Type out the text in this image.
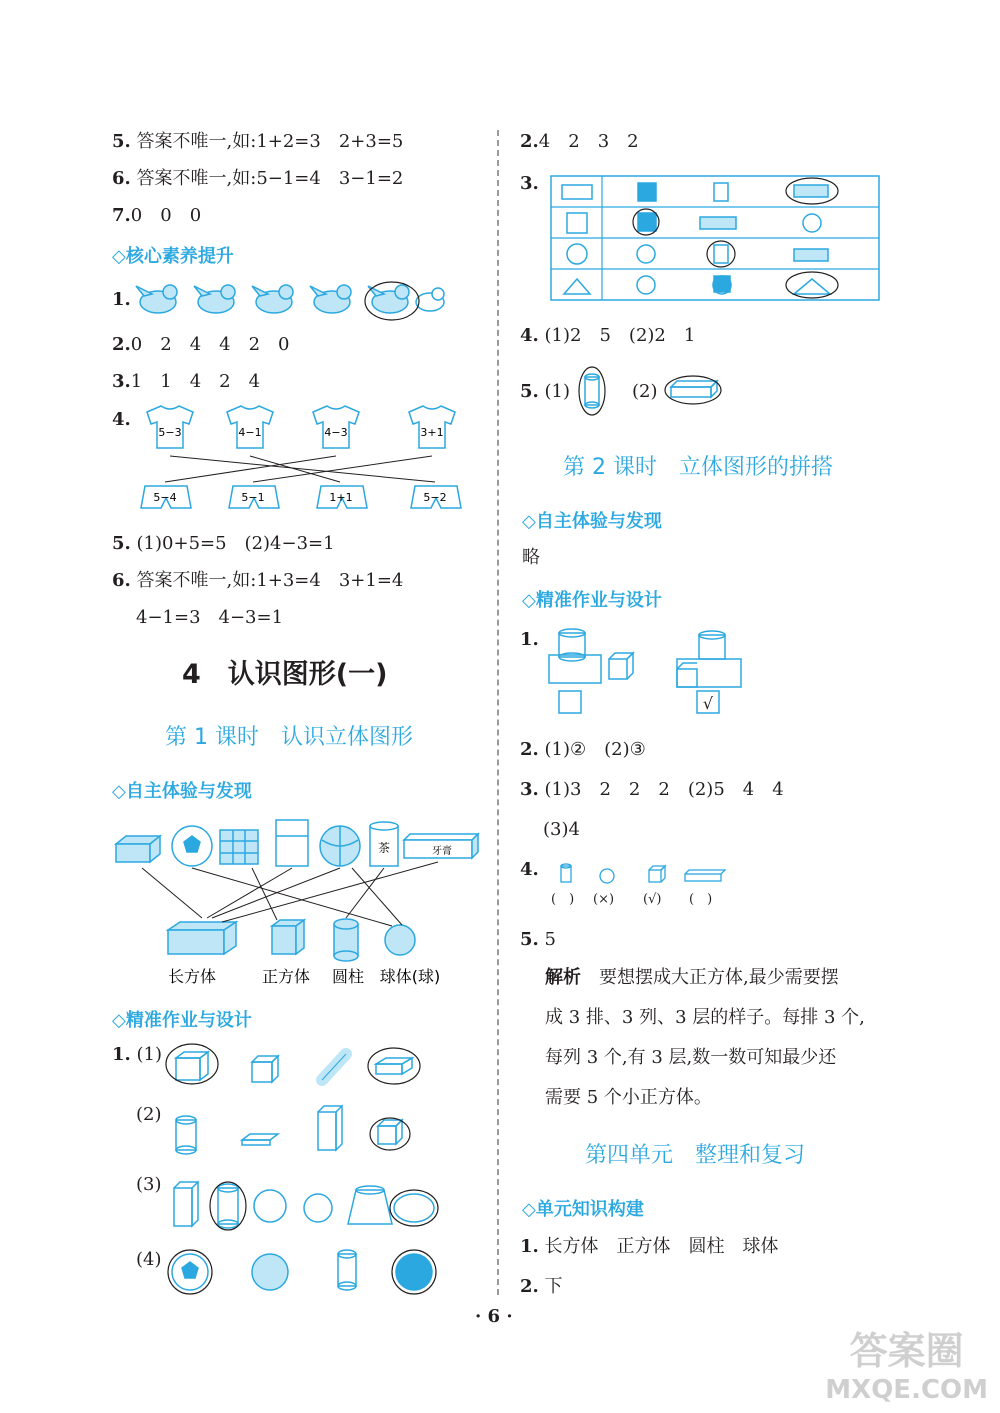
5. 答案不唯一,如:1+2=3　2+3=5
6. 答案不唯一,如:5−1=4　3−1=2
7.0　0　0
◇核心素养提升
1.
2.0　2　4　4　2　0
3.1　1　4　2　4
4.
5−3	4−1	4−3	3+1
5−4	5−1	1+1	5−2
5. (1)0+5=5　(2)4−3=1
6. 答案不唯一,如:1+3=4　3+1=4
4−1=3　4−3=1
4　认识图形(一)
第 1 课时　认识立体图形
◇自主体验与发现
茶	牙膏
长方体	正方体 圆柱 球体(球)
◇精准作业与设计
1. (1)
(2)
(3)
(4)
2.4　2　3　2
3.
4. (1)2　5　(2)2　1
5. (1)	(2)
第 2 课时　立体图形的拼搭
◇自主体验与发现
略
◇精准作业与设计
1.
√
2. (1)②　(2)③
3. (1)3　2　2　2　(2)5　4　4
(3)4
4.
(　) (×) (√) (　)
5. 5
解析　 要想摆成大正方体,最少需要摆
成 3 排、3 列、3 层的样子。每排 3 个,
每列 3 个,有 3 层,数一数可知最少还
需要 5 个小正方体。
第四单元　整理和复习
◇单元知识构建
1. 长方体　正方体　圆柱　球体
2. 下
· 6 ·
答案圈
MXQE.COM
